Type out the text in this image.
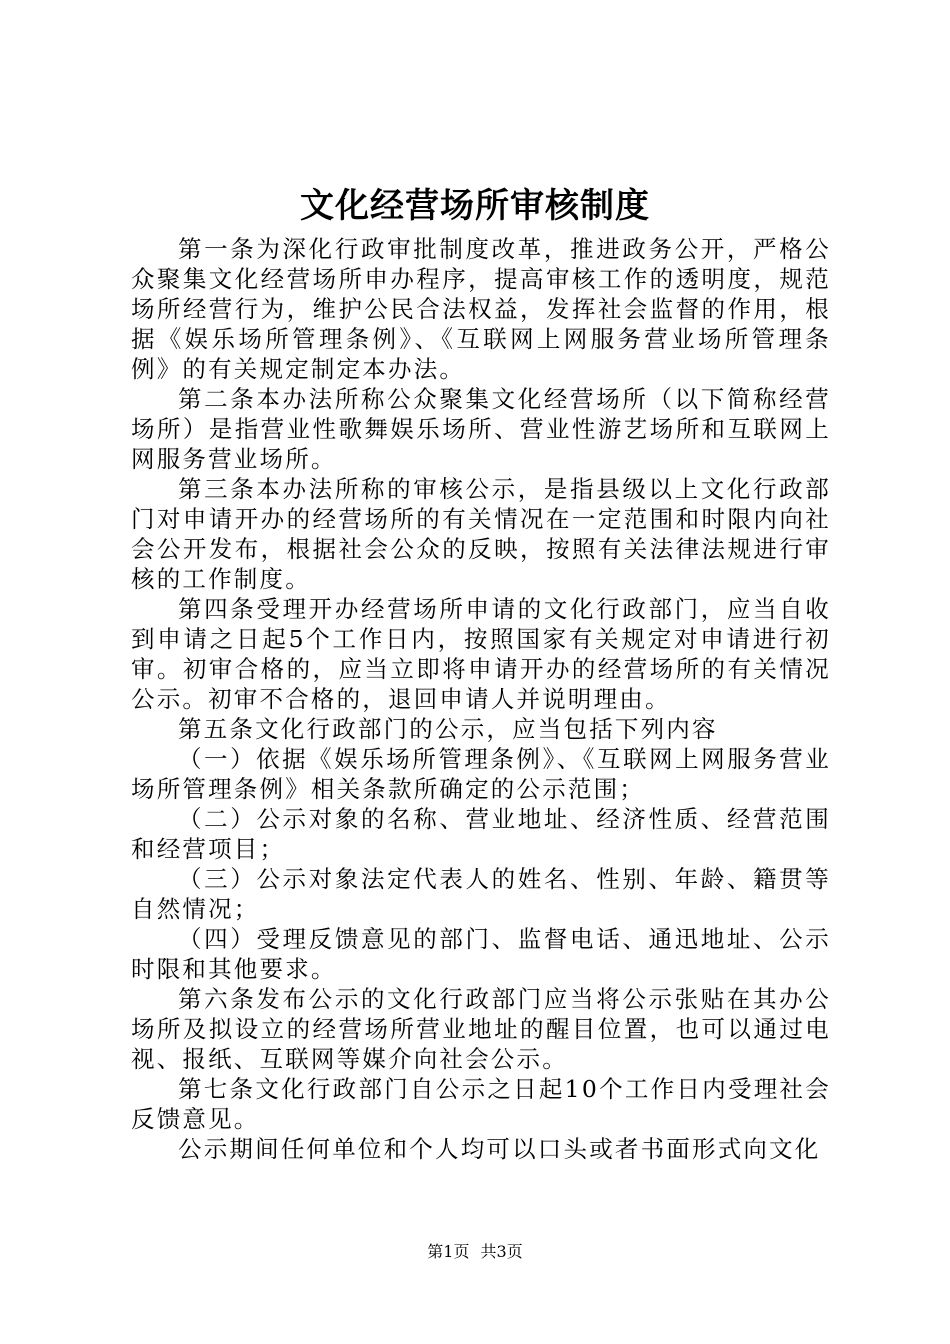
文化经营场所审核制度

第一条为深化行政审批制度改革，推进政务公开，严格公众聚集文化经营场所申办程序，提高审核工作的透明度，规范场所经营行为，维护公民合法权益，发挥社会监督的作用，根据《娱乐场所管理条例》、《互联网上网服务营业场所管理条例》的有关规定制定本办法。

第二条本办法所称公众聚集文化经营场所（以下简称经营场所）是指营业性歌舞娱乐场所、营业性游艺场所和互联网上网服务营业场所。

第三条本办法所称的审核公示，是指县级以上文化行政部门对申请开办的经营场所的有关情况在一定范围和时限内向社会公开发布，根据社会公众的反映，按照有关法律法规进行审核的工作制度。

第四条受理开办经营场所申请的文化行政部门，应当自收到申请之日起5个工作日内，按照国家有关规定对申请进行初审。初审合格的，应当立即将申请开办的经营场所的有关情况公示。初审不合格的，退回申请人并说明理由。

第五条文化行政部门的公示，应当包括下列内容

（一）依据《娱乐场所管理条例》、《互联网上网服务营业场所管理条例》相关条款所确定的公示范围；

（二）公示对象的名称、营业地址、经济性质、经营范围和经营项目；

（三）公示对象法定代表人的姓名、性别、年龄、籍贯等自然情况；

（四）受理反馈意见的部门、监督电话、通迅地址、公示时限和其他要求。

第六条发布公示的文化行政部门应当将公示张贴在其办公场所及拟设立的经营场所营业地址的醒目位置，也可以通过电视、报纸、互联网等媒介向社会公示。

第七条文化行政部门自公示之日起10个工作日内受理社会反馈意见。

公示期间任何单位和个人均可以口头或者书面形式向文化

第1页 共3页
